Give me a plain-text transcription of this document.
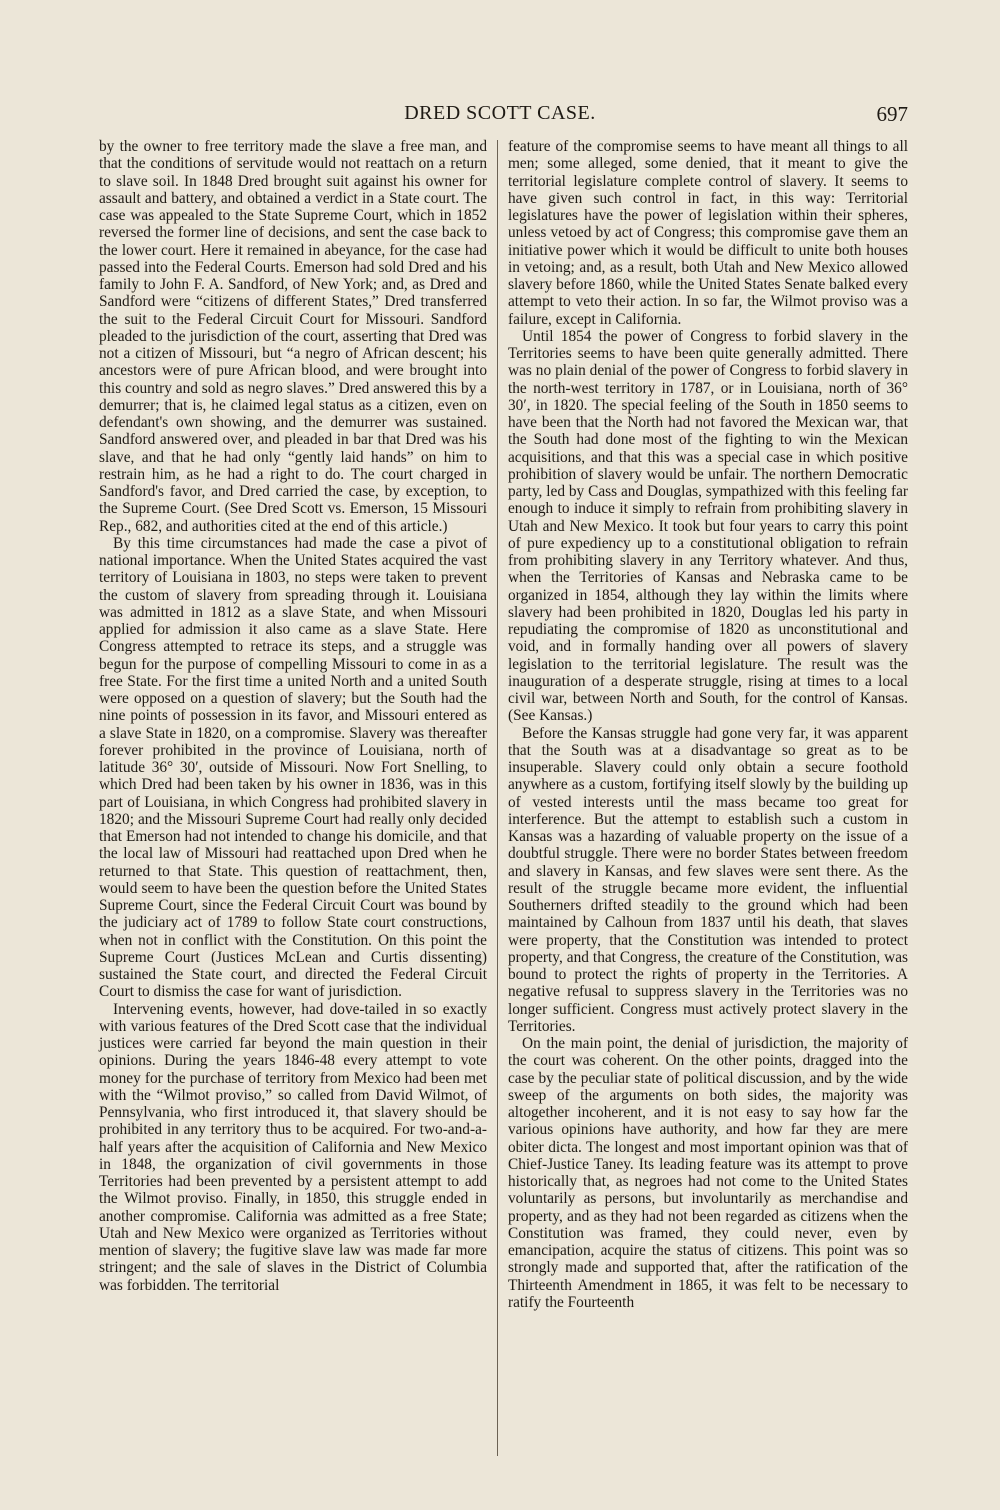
DRED SCOTT CASE.	697

by the owner to free territory made the slave a free man, and that the conditions of servitude would not reattach on a return to slave soil. In 1848 Dred brought suit against his owner for assault and battery, and obtained a verdict in a State court. The case was appealed to the State Supreme Court, which in 1852 reversed the former line of decisions, and sent the case back to the lower court. Here it remained in abeyance, for the case had passed into the Federal Courts. Emerson had sold Dred and his family to John F. A. Sandford, of New York; and, as Dred and Sandford were “citizens of different States,” Dred transferred the suit to the Federal Circuit Court for Missouri. Sandford pleaded to the jurisdiction of the court, asserting that Dred was not a citizen of Missouri, but “a negro of African descent; his ancestors were of pure African blood, and were brought into this country and sold as negro slaves.” Dred answered this by a demurrer; that is, he claimed legal status as a citizen, even on defendant's own showing, and the demurrer was sustained. Sandford answered over, and pleaded in bar that Dred was his slave, and that he had only “gently laid hands” on him to restrain him, as he had a right to do. The court charged in Sandford's favor, and Dred carried the case, by exception, to the Supreme Court. (See Dred Scott vs. Emerson, 15 Missouri Rep., 682, and authorities cited at the end of this article.)

By this time circumstances had made the case a pivot of national importance. When the United States acquired the vast territory of Louisiana in 1803, no steps were taken to prevent the custom of slavery from spreading through it. Louisiana was admitted in 1812 as a slave State, and when Missouri applied for admission it also came as a slave State. Here Congress attempted to retrace its steps, and a struggle was begun for the purpose of compelling Missouri to come in as a free State. For the first time a united North and a united South were opposed on a question of slavery; but the South had the nine points of possession in its favor, and Missouri entered as a slave State in 1820, on a compromise. Slavery was thereafter forever prohibited in the province of Louisiana, north of latitude 36° 30′, outside of Missouri. Now Fort Snelling, to which Dred had been taken by his owner in 1836, was in this part of Louisiana, in which Congress had prohibited slavery in 1820; and the Missouri Supreme Court had really only decided that Emerson had not intended to change his domicile, and that the local law of Missouri had reattached upon Dred when he returned to that State. This question of reattachment, then, would seem to have been the question before the United States Supreme Court, since the Federal Circuit Court was bound by the judiciary act of 1789 to follow State court constructions, when not in conflict with the Constitution. On this point the Supreme Court (Justices McLean and Curtis dissenting) sustained the State court, and directed the Federal Circuit Court to dismiss the case for want of jurisdiction.

Intervening events, however, had dove-tailed in so exactly with various features of the Dred Scott case that the individual justices were carried far beyond the main question in their opinions. During the years 1846-48 every attempt to vote money for the purchase of territory from Mexico had been met with the “Wilmot proviso,” so called from David Wilmot, of Pennsylvania, who first introduced it, that slavery should be prohibited in any territory thus to be acquired. For two-and-a-half years after the acquisition of California and New Mexico in 1848, the organization of civil governments in those Territories had been prevented by a persistent attempt to add the Wilmot proviso. Finally, in 1850, this struggle ended in another compromise. California was admitted as a free State; Utah and New Mexico were organized as Territories without mention of slavery; the fugitive slave law was made far more stringent; and the sale of slaves in the District of Columbia was forbidden. The territorial

feature of the compromise seems to have meant all things to all men; some alleged, some denied, that it meant to give the territorial legislature complete control of slavery. It seems to have given such control in fact, in this way: Territorial legislatures have the power of legislation within their spheres, unless vetoed by act of Congress; this compromise gave them an initiative power which it would be difficult to unite both houses in vetoing; and, as a result, both Utah and New Mexico allowed slavery before 1860, while the United States Senate balked every attempt to veto their action. In so far, the Wilmot proviso was a failure, except in California.

Until 1854 the power of Congress to forbid slavery in the Territories seems to have been quite generally admitted. There was no plain denial of the power of Congress to forbid slavery in the north-west territory in 1787, or in Louisiana, north of 36° 30′, in 1820. The special feeling of the South in 1850 seems to have been that the North had not favored the Mexican war, that the South had done most of the fighting to win the Mexican acquisitions, and that this was a special case in which positive prohibition of slavery would be unfair. The northern Democratic party, led by Cass and Douglas, sympathized with this feeling far enough to induce it simply to refrain from prohibiting slavery in Utah and New Mexico. It took but four years to carry this point of pure expediency up to a constitutional obligation to refrain from prohibiting slavery in any Territory whatever. And thus, when the Territories of Kansas and Nebraska came to be organized in 1854, although they lay within the limits where slavery had been prohibited in 1820, Douglas led his party in repudiating the compromise of 1820 as unconstitutional and void, and in formally handing over all powers of slavery legislation to the territorial legislature. The result was the inauguration of a desperate struggle, rising at times to a local civil war, between North and South, for the control of Kansas. (See Kansas.)

Before the Kansas struggle had gone very far, it was apparent that the South was at a disadvantage so great as to be insuperable. Slavery could only obtain a secure foothold anywhere as a custom, fortifying itself slowly by the building up of vested interests until the mass became too great for interference. But the attempt to establish such a custom in Kansas was a hazarding of valuable property on the issue of a doubtful struggle. There were no border States between freedom and slavery in Kansas, and few slaves were sent there. As the result of the struggle became more evident, the influential Southerners drifted steadily to the ground which had been maintained by Calhoun from 1837 until his death, that slaves were property, that the Constitution was intended to protect property, and that Congress, the creature of the Constitution, was bound to protect the rights of property in the Territories. A negative refusal to suppress slavery in the Territories was no longer sufficient. Congress must actively protect slavery in the Territories.

On the main point, the denial of jurisdiction, the majority of the court was coherent. On the other points, dragged into the case by the peculiar state of political discussion, and by the wide sweep of the arguments on both sides, the majority was altogether incoherent, and it is not easy to say how far the various opinions have authority, and how far they are mere obiter dicta. The longest and most important opinion was that of Chief-Justice Taney. Its leading feature was its attempt to prove historically that, as negroes had not come to the United States voluntarily as persons, but involuntarily as merchandise and property, and as they had not been regarded as citizens when the Constitution was framed, they could never, even by emancipation, acquire the status of citizens. This point was so strongly made and supported that, after the ratification of the Thirteenth Amendment in 1865, it was felt to be necessary to ratify the Fourteenth
